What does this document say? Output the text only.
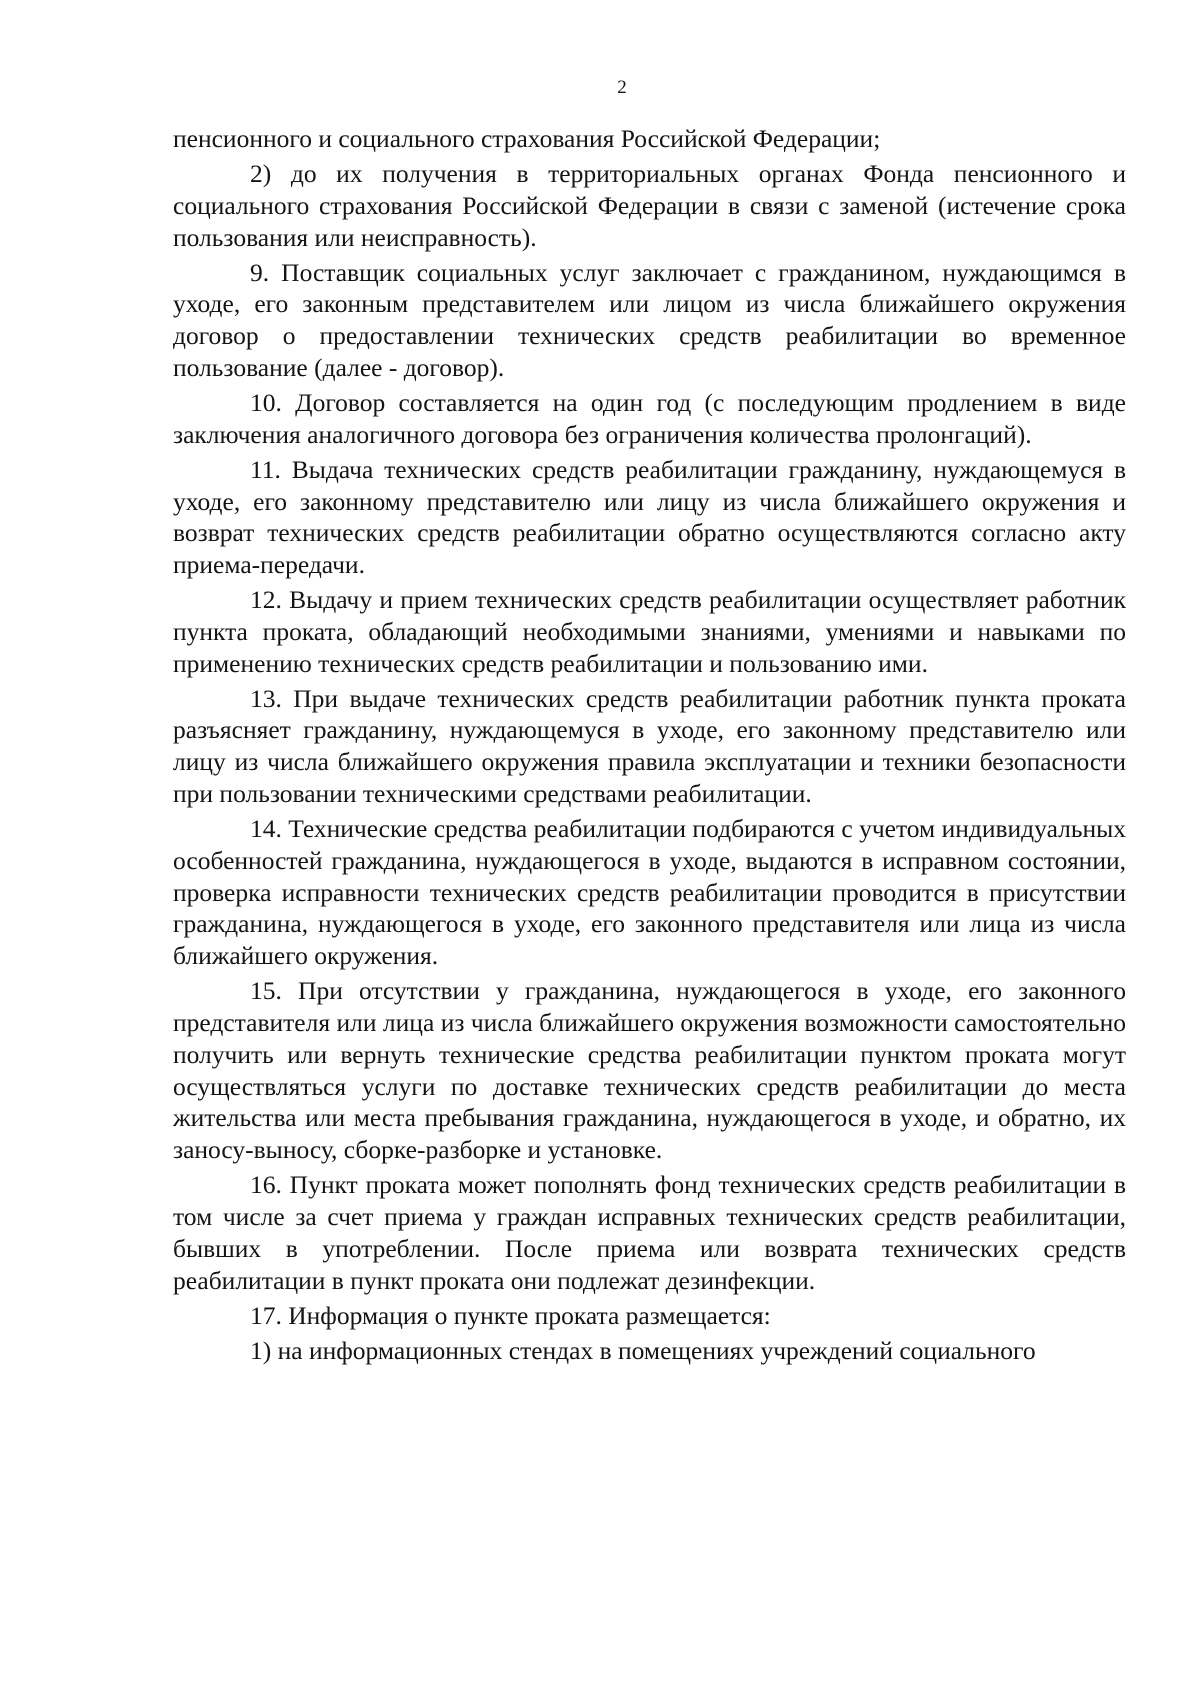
2

пенсионного и социального страхования Российской Федерации;

2) до их получения в территориальных органах Фонда пенсионного и социального страхования Российской Федерации в связи с заменой (истечение срока пользования или неисправность).

9. Поставщик социальных услуг заключает с гражданином, нуждающимся в уходе, его законным представителем или лицом из числа ближайшего окружения договор о предоставлении технических средств реабилитации во временное пользование (далее - договор).

10. Договор составляется на один год (с последующим продлением в виде заключения аналогичного договора без ограничения количества пролонгаций).

11. Выдача технических средств реабилитации гражданину, нуждающемуся в уходе, его законному представителю или лицу из числа ближайшего окружения и возврат технических средств реабилитации обратно осуществляются согласно акту приема-передачи.

12. Выдачу и прием технических средств реабилитации осуществляет работник пункта проката, обладающий необходимыми знаниями, умениями и навыками по применению технических средств реабилитации и пользованию ими.

13. При выдаче технических средств реабилитации работник пункта проката разъясняет гражданину, нуждающемуся в уходе, его законному представителю или лицу из числа ближайшего окружения правила эксплуатации и техники безопасности при пользовании техническими средствами реабилитации.

14. Технические средства реабилитации подбираются с учетом индивидуальных особенностей гражданина, нуждающегося в уходе, выдаются в исправном состоянии, проверка исправности технических средств реабилитации проводится в присутствии гражданина, нуждающегося в уходе, его законного представителя или лица из числа ближайшего окружения.

15. При отсутствии у гражданина, нуждающегося в уходе, его законного представителя или лица из числа ближайшего окружения возможности самостоятельно получить или вернуть технические средства реабилитации пунктом проката могут осуществляться услуги по доставке технических средств реабилитации до места жительства или места пребывания гражданина, нуждающегося в уходе, и обратно, их заносу-выносу, сборке-разборке и установке.

16. Пункт проката может пополнять фонд технических средств реабилитации в том числе за счет приема у граждан исправных технических средств реабилитации, бывших в употреблении. После приема или возврата технических средств реабилитации в пункт проката они подлежат дезинфекции.

17. Информация о пункте проката размещается:

1) на информационных стендах в помещениях учреждений социального
